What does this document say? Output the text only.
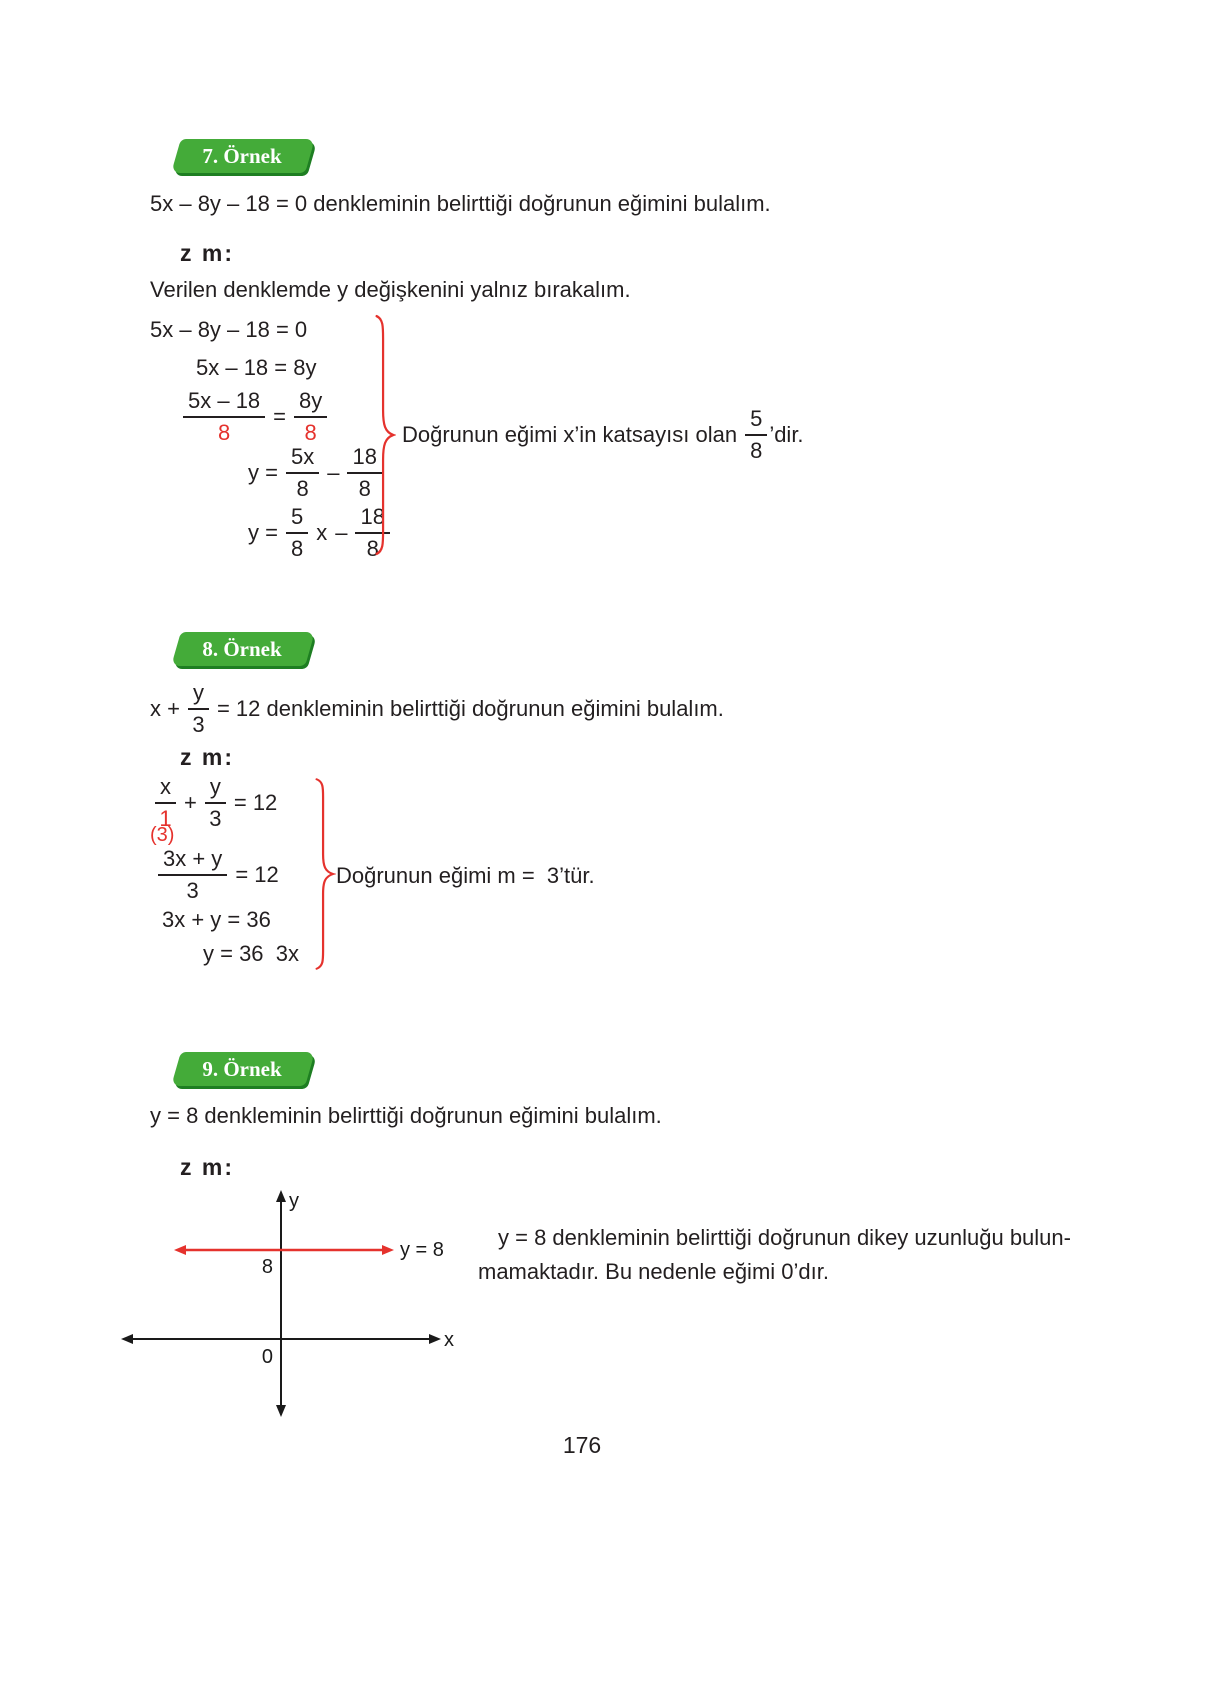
7. Örnek

5x – 8y – 18 = 0 denkleminin belirttiği doğrunun eğimini bulalım.

z m:

Verilen denklemde y değişkenini yalnız bırakalım.

5x – 8y – 18 = 0

5x – 18 = 8y

$\frac{5x - 18}{8} = \frac{8y}{8}$
$y = \frac{5x}{8} - \frac{18}{8}$
$y = \frac{5}{8}$ x – $\frac{18}{8}$
Doğrunun eğimi x’in katsayısı olan $\frac{5}{8}$ ’dir.
8. Örnek
$x + \frac{y}{3} = 12$ denkleminin belirttiği doğrunun eğimini bulalım.

z m:

$\frac{x}{1} + \frac{y}{3} = 12$
(3)
$\frac{3x + y}{3} = 12$

3x + y = 36

y = 36  3x

Doğrunun eğimi m =  3’tür.

9. Örnek

y = 8 denkleminin belirttiği doğrunun eğimini bulalım.

z m:

y
x
0
8
y = 8 y = 8 denkleminin belirttiği doğrunun dikey uzunluğu bulun-

mamaktadır. Bu nedenle eğimi 0’dır.

176
